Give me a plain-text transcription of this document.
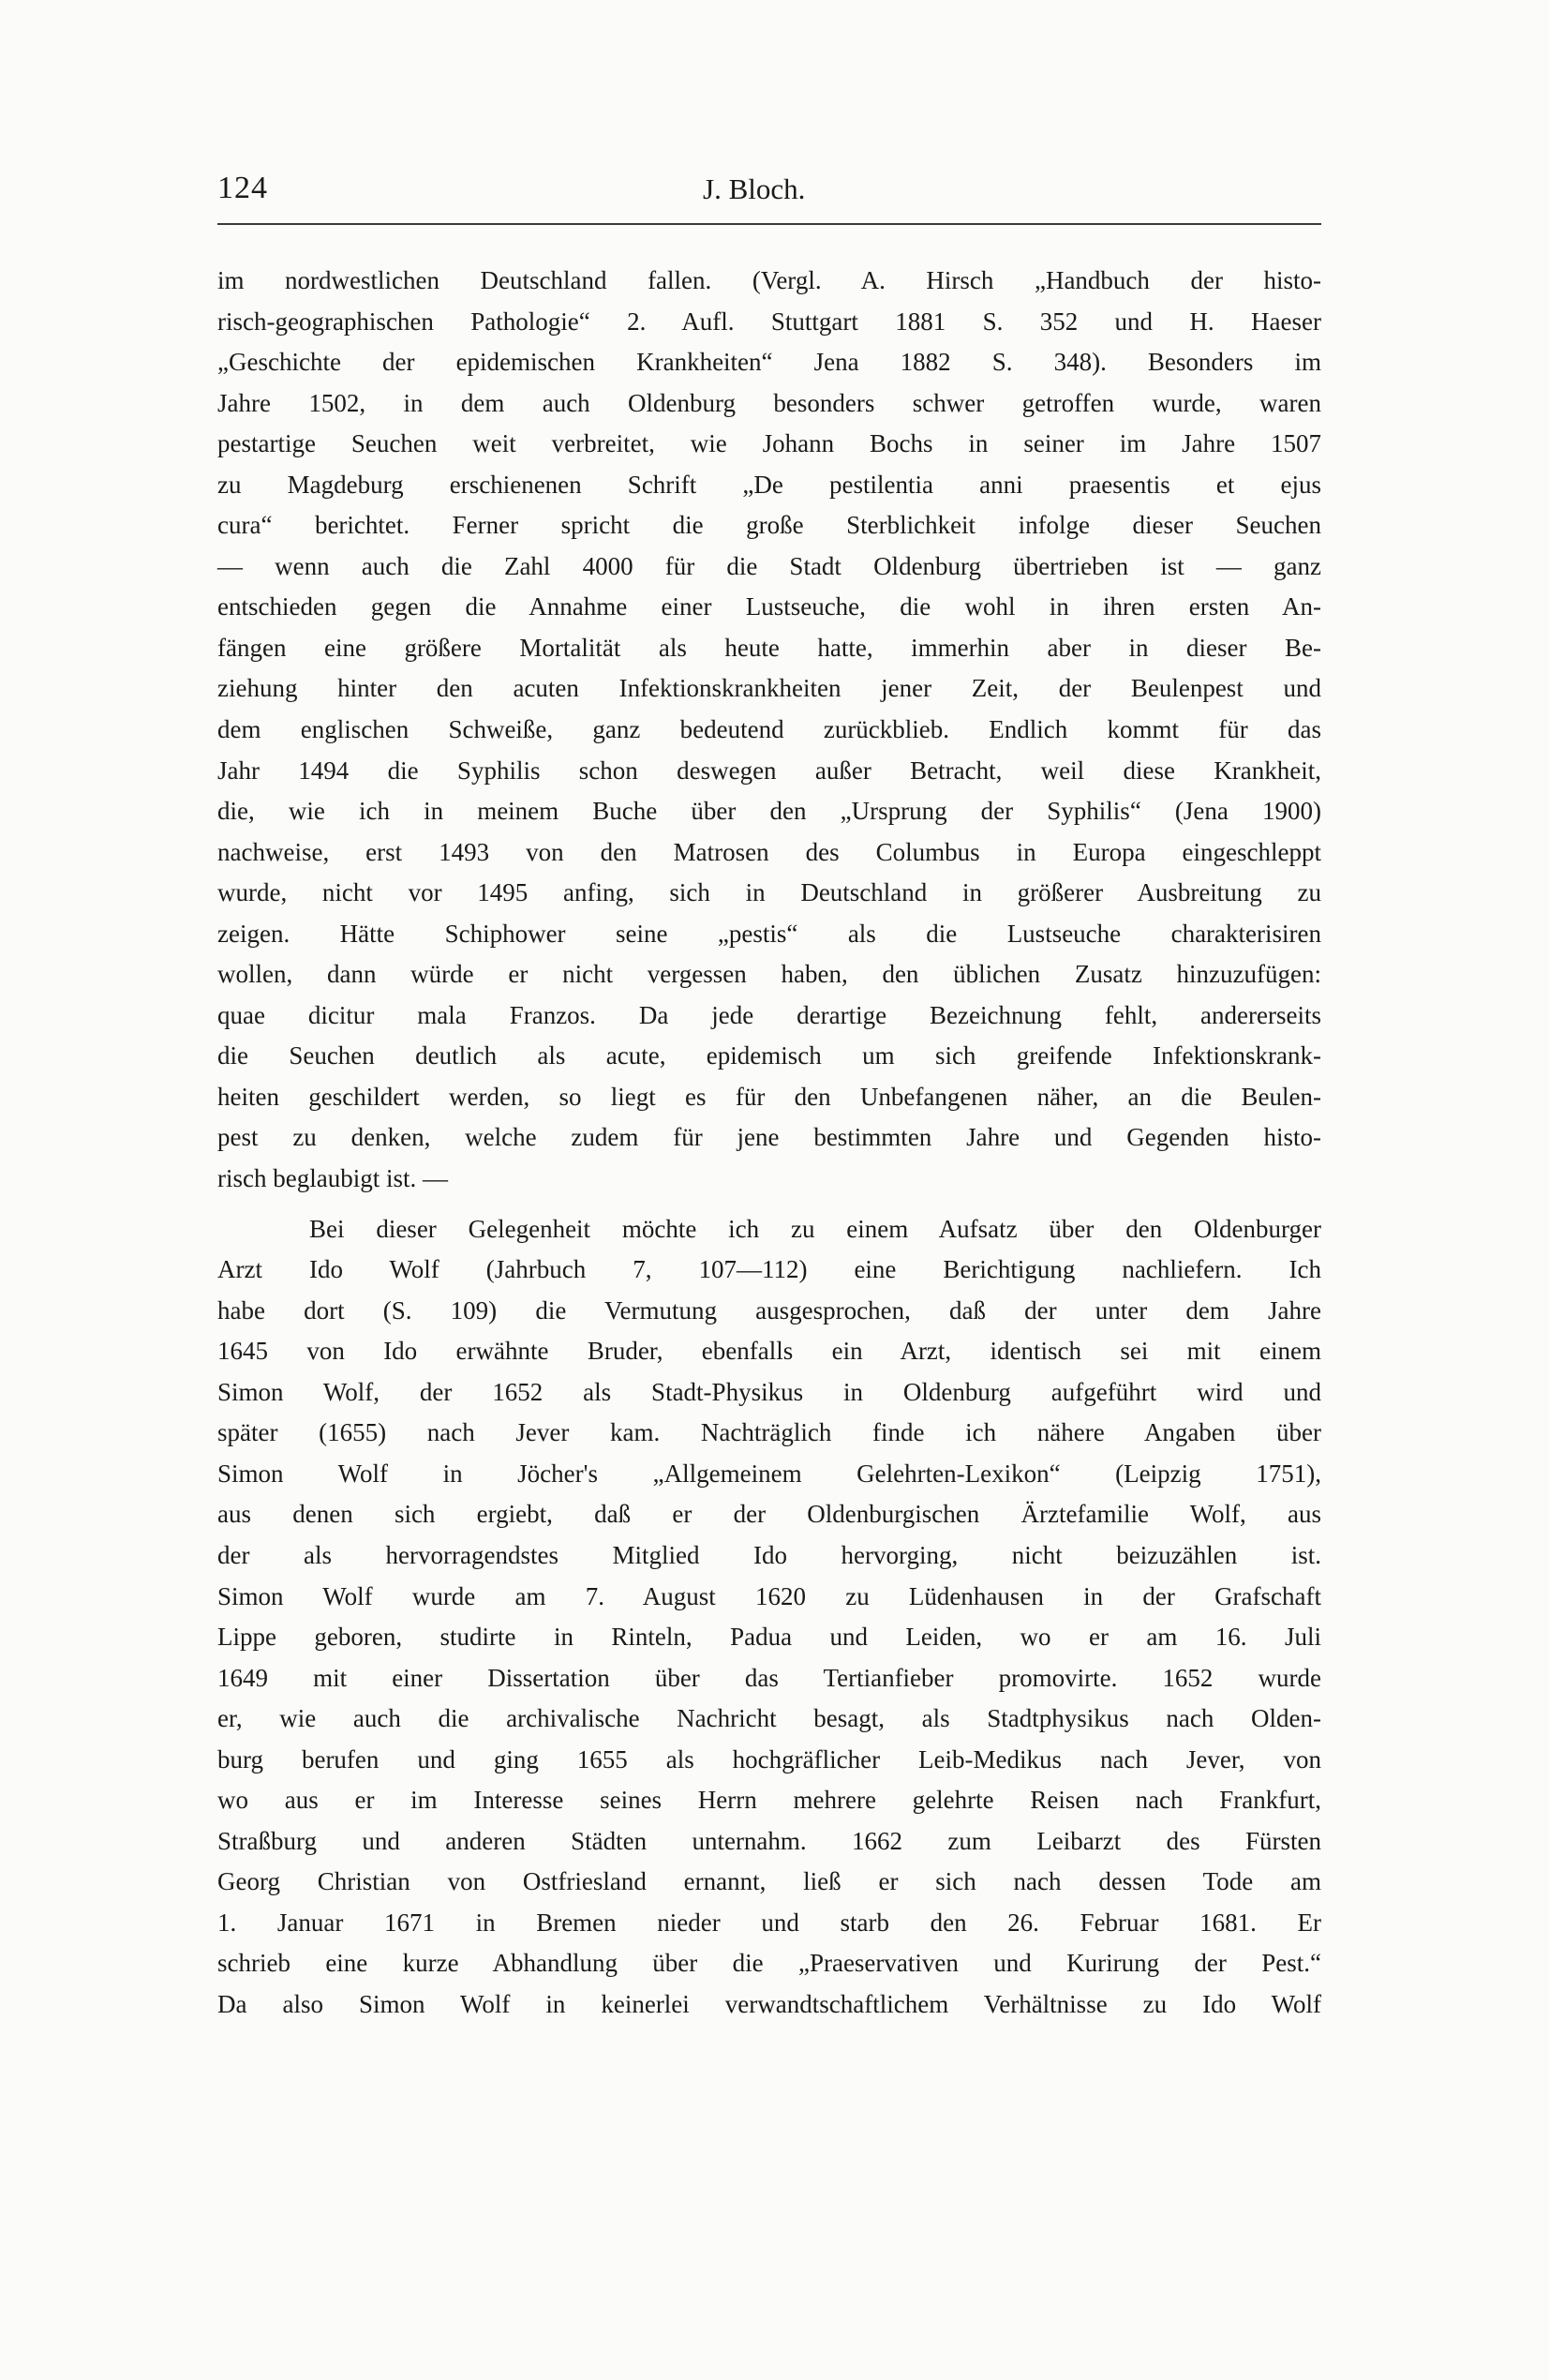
124	J. Bloch.
im nordwestlichen Deutschland fallen. (Vergl. A. Hirsch „Handbuch der histo-
risch-geographischen Pathologie“ 2. Aufl. Stuttgart 1881 S. 352 und H. Haeser
„Geschichte der epidemischen Krankheiten“ Jena 1882 S. 348). Besonders im
Jahre 1502, in dem auch Oldenburg besonders schwer getroffen wurde, waren
pestartige Seuchen weit verbreitet, wie Johann Bochs in seiner im Jahre 1507
zu Magdeburg erschienenen Schrift „De pestilentia anni praesentis et ejus
cura“ berichtet. Ferner spricht die große Sterblichkeit infolge dieser Seuchen
— wenn auch die Zahl 4000 für die Stadt Oldenburg übertrieben ist — ganz
entschieden gegen die Annahme einer Lustseuche, die wohl in ihren ersten An-
fängen eine größere Mortalität als heute hatte, immerhin aber in dieser Be-
ziehung hinter den acuten Infektionskrankheiten jener Zeit, der Beulenpest und
dem englischen Schweiße, ganz bedeutend zurückblieb. Endlich kommt für das
Jahr 1494 die Syphilis schon deswegen außer Betracht, weil diese Krankheit,
die, wie ich in meinem Buche über den „Ursprung der Syphilis“ (Jena 1900)
nachweise, erst 1493 von den Matrosen des Columbus in Europa eingeschleppt
wurde, nicht vor 1495 anfing, sich in Deutschland in größerer Ausbreitung zu
zeigen. Hätte Schiphower seine „pestis“ als die Lustseuche charakterisiren
wollen, dann würde er nicht vergessen haben, den üblichen Zusatz hinzuzufügen:
quae dicitur mala Franzos. Da jede derartige Bezeichnung fehlt, andererseits
die Seuchen deutlich als acute, epidemisch um sich greifende Infektionskrank-
heiten geschildert werden, so liegt es für den Unbefangenen näher, an die Beulen-
pest zu denken, welche zudem für jene bestimmten Jahre und Gegenden histo-
risch beglaubigt ist. —
Bei dieser Gelegenheit möchte ich zu einem Aufsatz über den Oldenburger
Arzt Ido Wolf (Jahrbuch 7, 107—112) eine Berichtigung nachliefern. Ich
habe dort (S. 109) die Vermutung ausgesprochen, daß der unter dem Jahre
1645 von Ido erwähnte Bruder, ebenfalls ein Arzt, identisch sei mit einem
Simon Wolf, der 1652 als Stadt-Physikus in Oldenburg aufgeführt wird und
später (1655) nach Jever kam. Nachträglich finde ich nähere Angaben über
Simon Wolf in Jöcher's „Allgemeinem Gelehrten-Lexikon“ (Leipzig 1751),
aus denen sich ergiebt, daß er der Oldenburgischen Ärztefamilie Wolf, aus
der als hervorragendstes Mitglied Ido hervorging, nicht beizuzählen ist.
Simon Wolf wurde am 7. August 1620 zu Lüdenhausen in der Grafschaft
Lippe geboren, studirte in Rinteln, Padua und Leiden, wo er am 16. Juli
1649 mit einer Dissertation über das Tertianfieber promovirte. 1652 wurde
er, wie auch die archivalische Nachricht besagt, als Stadtphysikus nach Olden-
burg berufen und ging 1655 als hochgräflicher Leib-Medikus nach Jever, von
wo aus er im Interesse seines Herrn mehrere gelehrte Reisen nach Frankfurt,
Straßburg und anderen Städten unternahm. 1662 zum Leibarzt des Fürsten
Georg Christian von Ostfriesland ernannt, ließ er sich nach dessen Tode am
1. Januar 1671 in Bremen nieder und starb den 26. Februar 1681. Er
schrieb eine kurze Abhandlung über die „Praeservativen und Kurirung der Pest.“
Da also Simon Wolf in keinerlei verwandtschaftlichem Verhältnisse zu Ido Wolf
